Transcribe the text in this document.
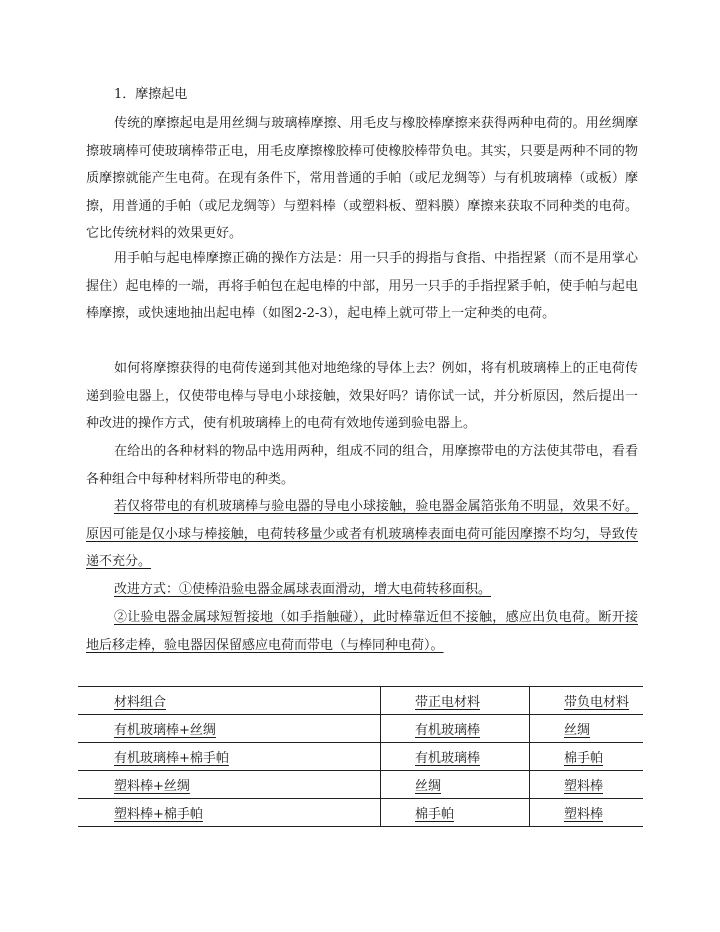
1．摩擦起电

传统的摩擦起电是用丝绸与玻璃棒摩擦、用毛皮与橡胶棒摩擦来获得两种电荷的。用丝绸摩擦玻璃棒可使玻璃棒带正电，用毛皮摩擦橡胶棒可使橡胶棒带负电。其实，只要是两种不同的物质摩擦就能产生电荷。在现有条件下，常用普通的手帕（或尼龙绸等）与有机玻璃棒（或板）摩擦，用普通的手帕（或尼龙绸等）与塑料棒（或塑料板、塑料膜）摩擦来获取不同种类的电荷。它比传统材料的效果更好。

用手帕与起电棒摩擦正确的操作方法是：用一只手的拇指与食指、中指捏紧（而不是用掌心握住）起电棒的一端，再将手帕包在起电棒的中部，用另一只手的手指捏紧手帕，使手帕与起电棒摩擦，或快速地抽出起电棒（如图2-2-3），起电棒上就可带上一定种类的电荷。

如何将摩擦获得的电荷传递到其他对地绝缘的导体上去？例如，将有机玻璃棒上的正电荷传递到验电器上，仅使带电棒与导电小球接触，效果好吗？请你试一试，并分析原因，然后提出一种改进的操作方式，使有机玻璃棒上的电荷有效地传递到验电器上。

在给出的各种材料的物品中选用两种，组成不同的组合，用摩擦带电的方法使其带电，看看各种组合中每种材料所带电的种类。

若仅将带电的有机玻璃棒与验电器的导电小球接触，验电器金属箔张角不明显，效果不好。原因可能是仅小球与棒接触，电荷转移量少或者有机玻璃棒表面电荷可能因摩擦不均匀，导致传递不充分。

改进方式：①使棒沿验电器金属球表面滑动，增大电荷转移面积。

②让验电器金属球短暂接地（如手指触碰），此时棒靠近但不接触，感应出负电荷。断开接地后移走棒，验电器因保留感应电荷而带电（与棒同种电荷）。

材料组合	带正电材料	带负电材料
有机玻璃棒+丝绸	有机玻璃棒	丝绸
有机玻璃棒+棉手帕	有机玻璃棒	棉手帕
塑料棒+丝绸	丝绸	塑料棒
塑料棒+棉手帕	棉手帕	塑料棒
